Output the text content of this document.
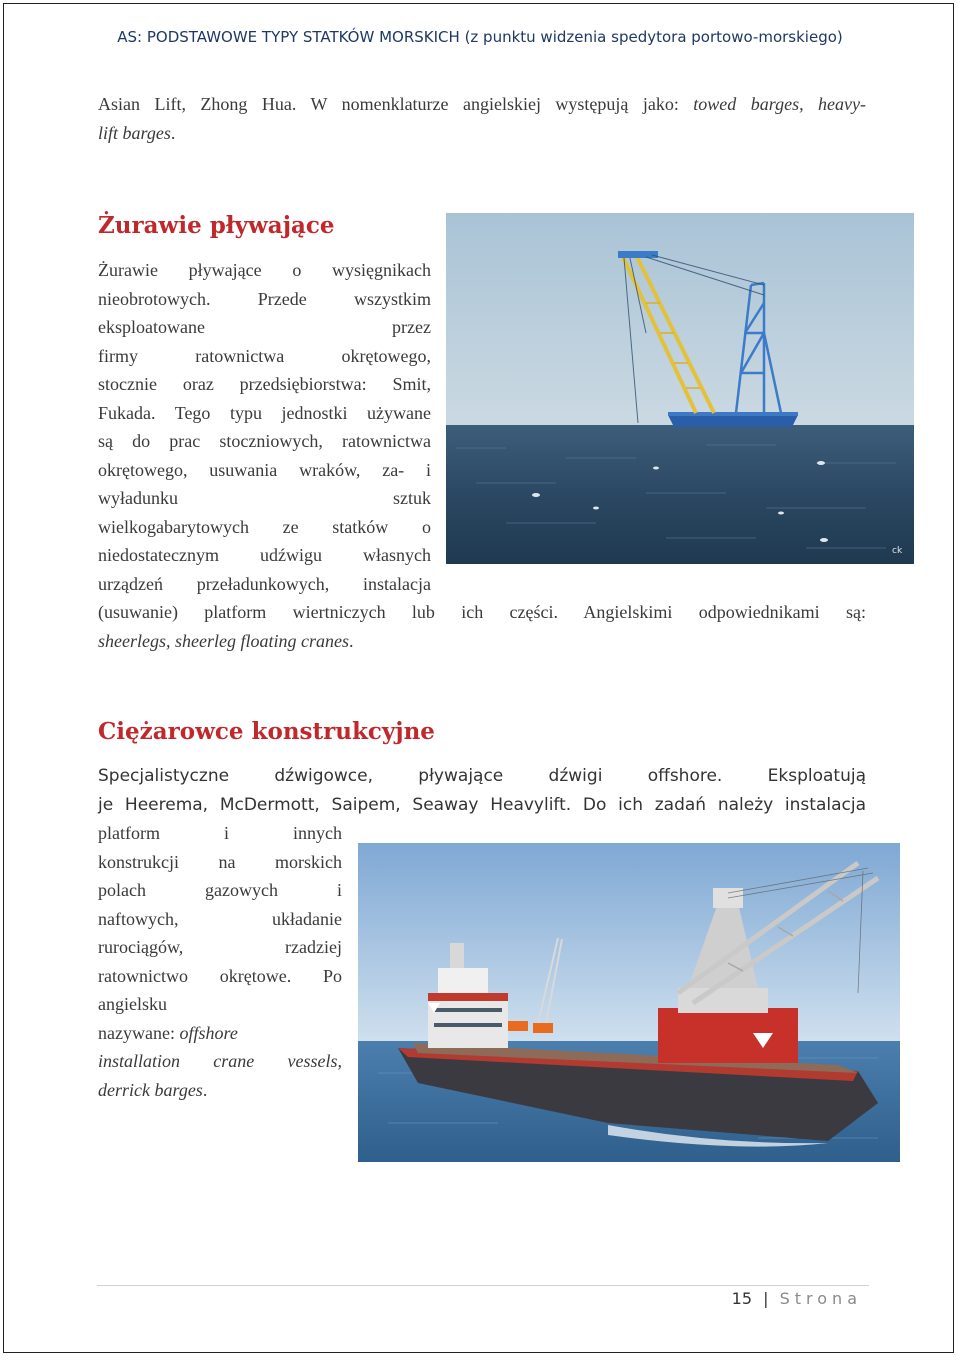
AS: PODSTAWOWE TYPY STATKÓW MORSKICH (z punktu widzenia spedytora portowo-morskiego)
Asian Lift, Zhong Hua. W nomenklaturze angielskiej występują jako: towed barges, heavy-
lift barges.
Żurawie pływające
Żurawie pływające o wysięgnikach
nieobrotowych. Przede wszystkim
eksploatowane przez
firmy ratownictwa okrętowego,
stocznie oraz przedsiębiorstwa: Smit,
Fukada. Tego typu jednostki używane
są do prac stoczniowych, ratownictwa
okrętowego, usuwania wraków, za- i
wyładunku sztuk
wielkogabarytowych ze statków o
niedostatecznym udźwigu własnych
urządzeń przeładunkowych, instalacja
(usuwanie) platform wiertniczych lub ich części. Angielskimi odpowiednikami są:
sheerlegs, sheerleg floating cranes.
ck
Ciężarowce konstrukcyjne
Specjalistyczne dźwigowce, pływające dźwigi offshore. Eksploatują
je Heerema, McDermott, Saipem, Seaway Heavylift. Do ich zadań należy instalacja
platform i innych
konstrukcji na morskich
polach gazowych i
naftowych, układanie
rurociągów, rzadziej
ratownictwo okrętowe. Po
angielsku
nazywane: offshore
installation crane vessels,
derrick barges.
15 | Strona
